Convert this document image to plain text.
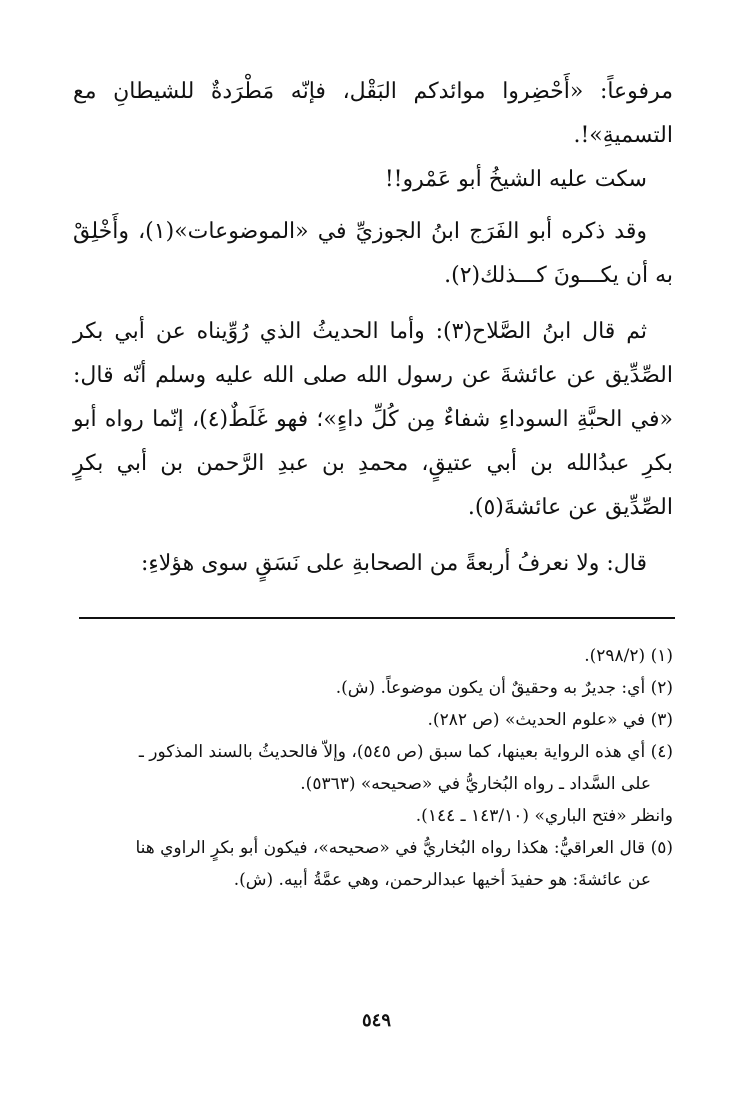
مرفوعاً: «أَحْضِروا موائدكم البَقْل، فإنّه مَطْرَدةٌ للشيطانِ مع التسميةِ»!.

سكت عليه الشيخُ أبو عَمْرو!!

وقد ذكره أبو الفَرَج ابنُ الجوزيِّ في «الموضوعات»(١)، وأَخْلِقْ به أن يكـــونَ كـــذلك(٢).

ثم قال ابنُ الصَّلاح(٣): وأما الحديثُ الذي رُوِّيناه عن أبي بكر الصِّدِّيق عن عائشةَ عن رسول الله صلى الله عليه وسلم أنّه قال: «في الحبَّةِ السوداءِ شفاءٌ مِن كُلِّ داءٍ»؛ فهو غَلَطٌ(٤)، إنّما رواه أبو بكرِ عبدُالله بن أبي عتيقٍ، محمدِ بن عبدِ الرَّحمن بن أبي بكرٍ الصِّدِّيق عن عائشةَ(٥).

قال: ولا نعرفُ أربعةً من الصحابةِ على نَسَقٍ سوى هؤلاءِ:

(١) (٢٩٨/٢).

(٢) أي: جديرٌ به وحقيقٌ أن يكون موضوعاً. (ش).

(٣) في «علوم الحديث» (ص ٢٨٢).

(٤) أي هذه الرواية بعينها، كما سبق (ص ٥٤٥)، وإلاّ فالحديثُ بالسند المذكور ـ

على السَّداد ـ رواه البُخاريُّ في «صحيحه» (٥٣٦٣).

وانظر «فتح الباري» (١٤٣/١٠ ـ ١٤٤).

(٥) قال العراقيُّ: هكذا رواه البُخاريُّ في «صحيحه»، فيكون أبو بكرٍ الراوي هنا

عن عائشةَ: هو حفيدَ أخيها عبدالرحمن، وهي عمَّةُ أبيه. (ش).

٥٤٩
